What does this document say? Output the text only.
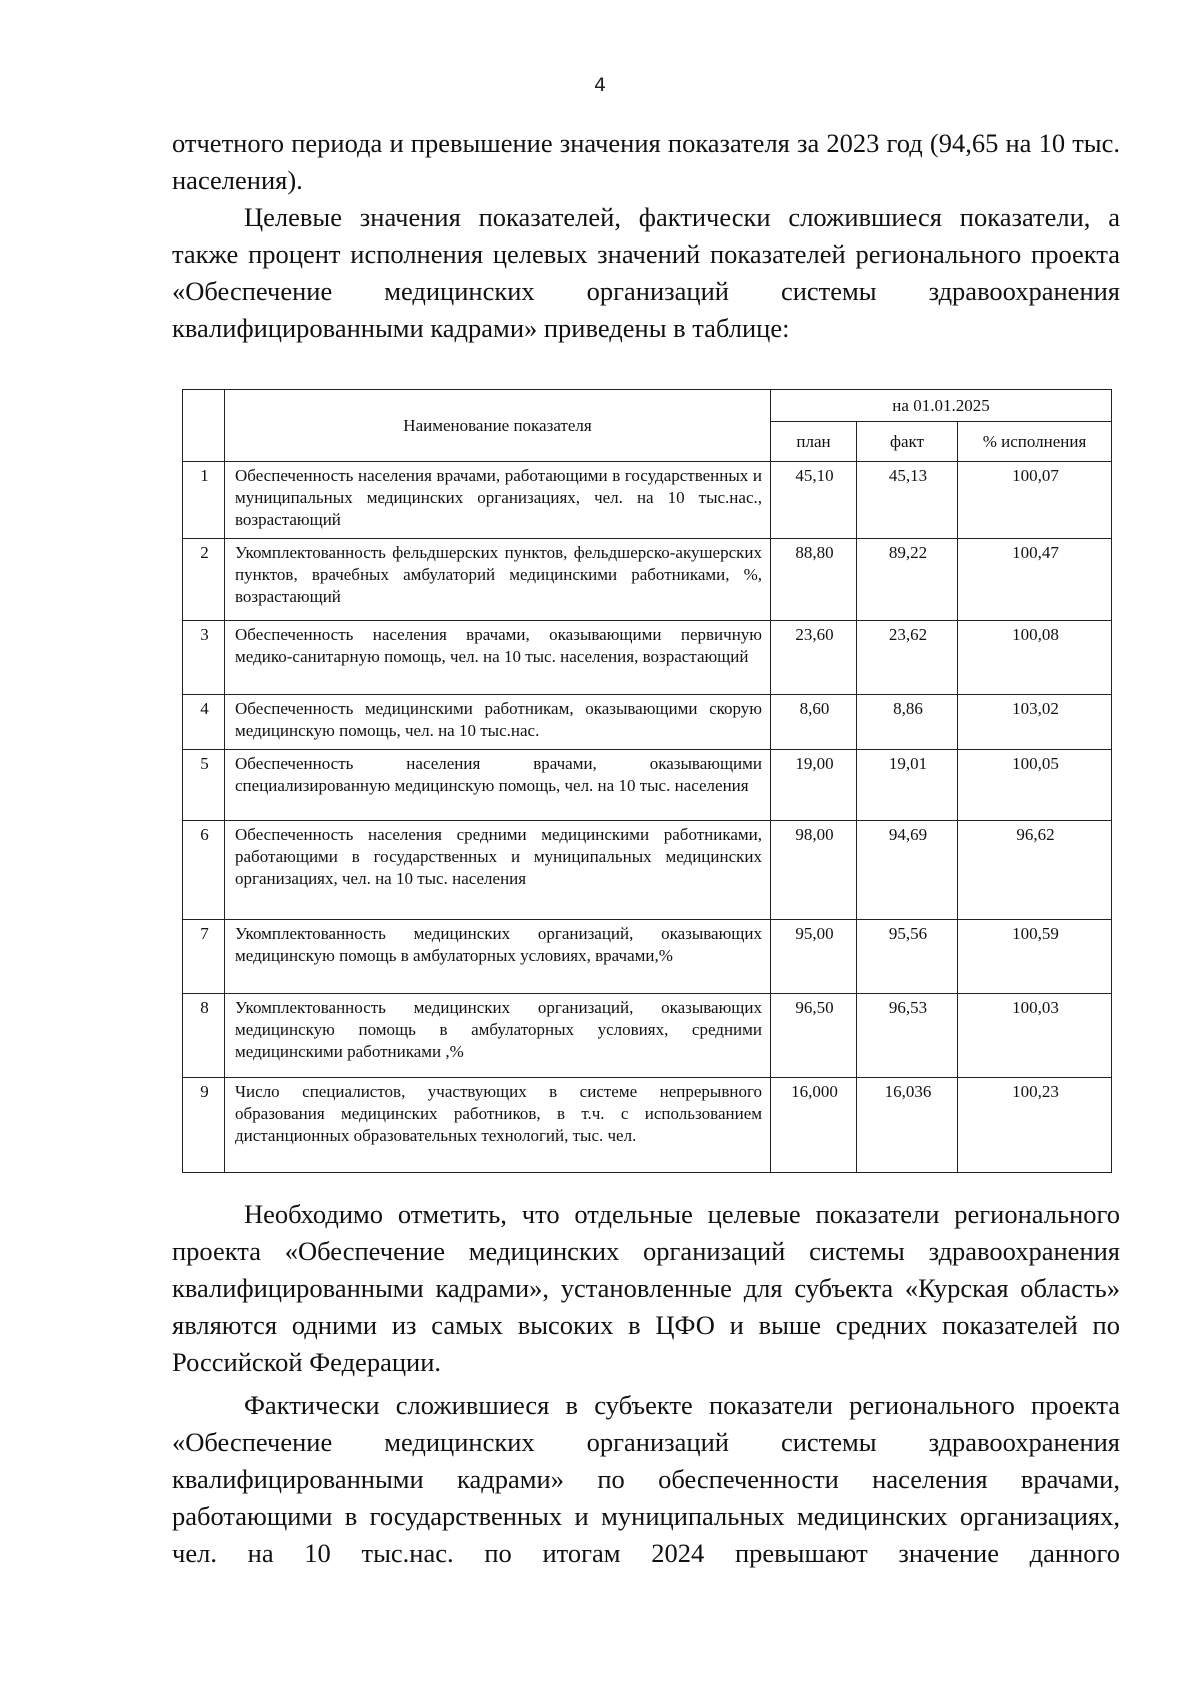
4

отчетного периода и превышение значения показателя за 2023 год (94,65 на 10 тыс. населения).

Целевые значения показателей, фактически сложившиеся показатели, а также процент исполнения целевых значений показателей регионального проекта «Обеспечение медицинских организаций системы здравоохранения квалифицированными кадрами» приведены в таблице:

	Наименование показателя	на 01.01.2025		
		план	факт	% исполнения
1	Обеспеченность населения врачами, работающими в государственных и муниципальных медицинских организациях, чел. на 10 тыс.нас., возрастающий	45,10	45,13	100,07
2	Укомплектованность фельдшерских пунктов, фельдшерско-акушерских пунктов, врачебных амбулаторий медицинскими работниками, %, возрастающий	88,80	89,22	100,47
3	Обеспеченность населения врачами, оказывающими первичную медико-санитарную помощь, чел. на 10 тыс. населения, возрастающий	23,60	23,62	100,08
4	Обеспеченность медицинскими работникам, оказывающими скорую медицинскую помощь, чел. на 10 тыс.нас.	8,60	8,86	103,02
5	Обеспеченность населения врачами, оказывающими специализированную медицинскую помощь, чел. на 10 тыс. населения	19,00	19,01	100,05
6	Обеспеченность населения средними медицинскими работниками, работающими в государственных и муниципальных медицинских организациях, чел. на 10 тыс. населения	98,00	94,69	96,62
7	Укомплектованность медицинских организаций, оказывающих медицинскую помощь в амбулаторных условиях, врачами,%	95,00	95,56	100,59
8	Укомплектованность медицинских организаций, оказывающих медицинскую помощь в амбулаторных условиях, средними медицинскими работниками ,%	96,50	96,53	100,03
9	Число специалистов, участвующих в системе непрерывного образования медицинских работников, в т.ч. с использованием дистанционных образовательных технологий, тыс. чел.	16,000	16,036	100,23

Необходимо отметить, что отдельные целевые показатели регионального проекта «Обеспечение медицинских организаций системы здравоохранения квалифицированными кадрами», установленные для субъекта «Курская область» являются одними из самых высоких в ЦФО и выше средних показателей по Российской Федерации.

Фактически сложившиеся в субъекте показатели регионального проекта «Обеспечение медицинских организаций системы здравоохранения квалифицированными кадрами» по обеспеченности населения врачами, работающими в государственных и муниципальных медицинских организациях, чел. на 10 тыс.нас. по итогам 2024 превышают значение данного
